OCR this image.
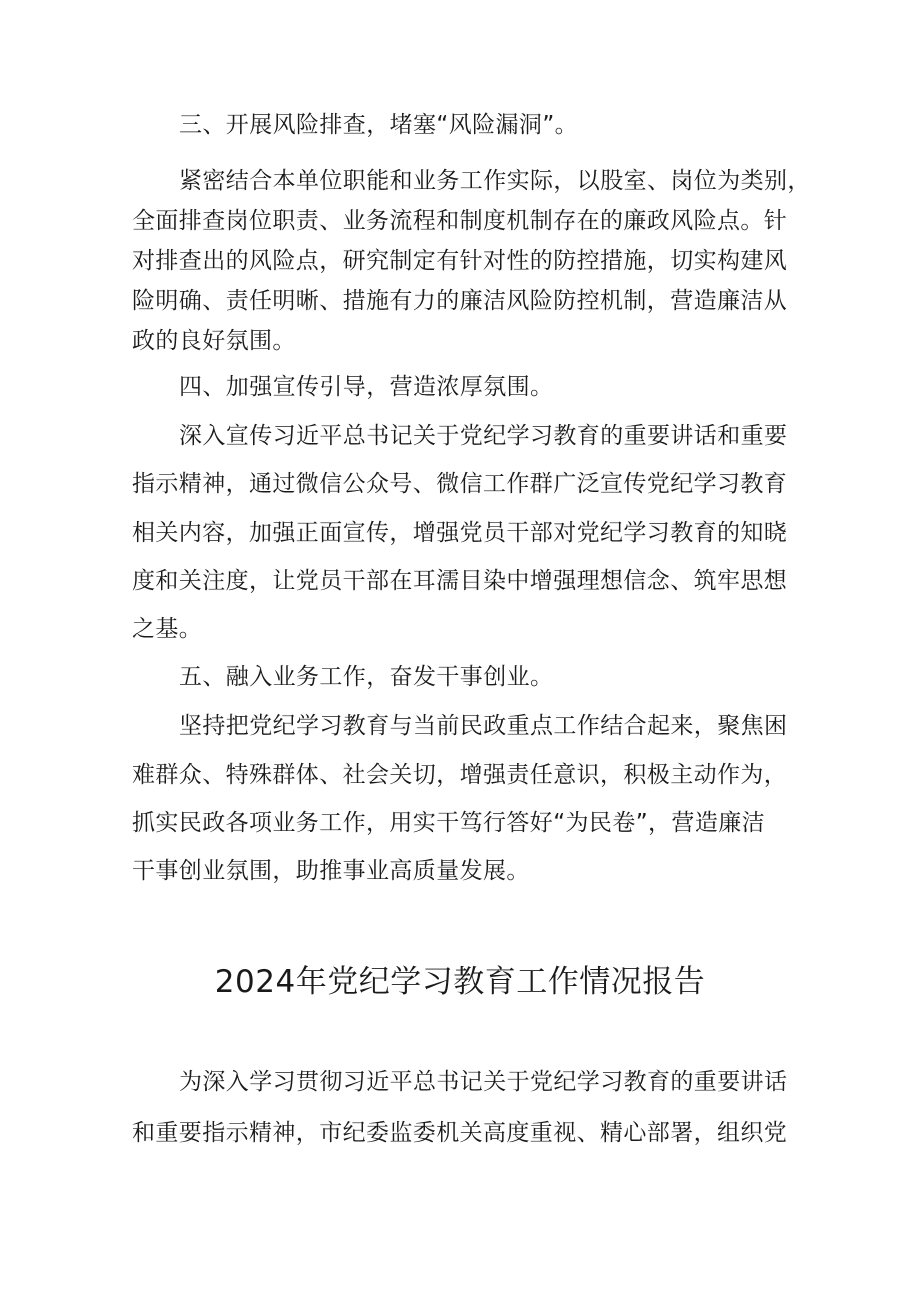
三、开展风险排查，堵塞“风险漏洞”。
紧密结合本单位职能和业务工作实际，以股室、岗位为类别，
全面排查岗位职责、业务流程和制度机制存在的廉政风险点。针
对排查出的风险点，研究制定有针对性的防控措施，切实构建风
险明确、责任明晰、措施有力的廉洁风险防控机制，营造廉洁从
政的良好氛围。
四、加强宣传引导，营造浓厚氛围。
深入宣传习近平总书记关于党纪学习教育的重要讲话和重要
指示精神，通过微信公众号、微信工作群广泛宣传党纪学习教育
相关内容，加强正面宣传，增强党员干部对党纪学习教育的知晓
度和关注度，让党员干部在耳濡目染中增强理想信念、筑牢思想
之基。
五、融入业务工作，奋发干事创业。
坚持把党纪学习教育与当前民政重点工作结合起来，聚焦困
难群众、特殊群体、社会关切，增强责任意识，积极主动作为，
抓实民政各项业务工作，用实干笃行答好“为民卷”，营造廉洁
干事创业氛围，助推事业高质量发展。
2024年党纪学习教育工作情况报告
为深入学习贯彻习近平总书记关于党纪学习教育的重要讲话
和重要指示精神，市纪委监委机关高度重视、精心部署，组织党
